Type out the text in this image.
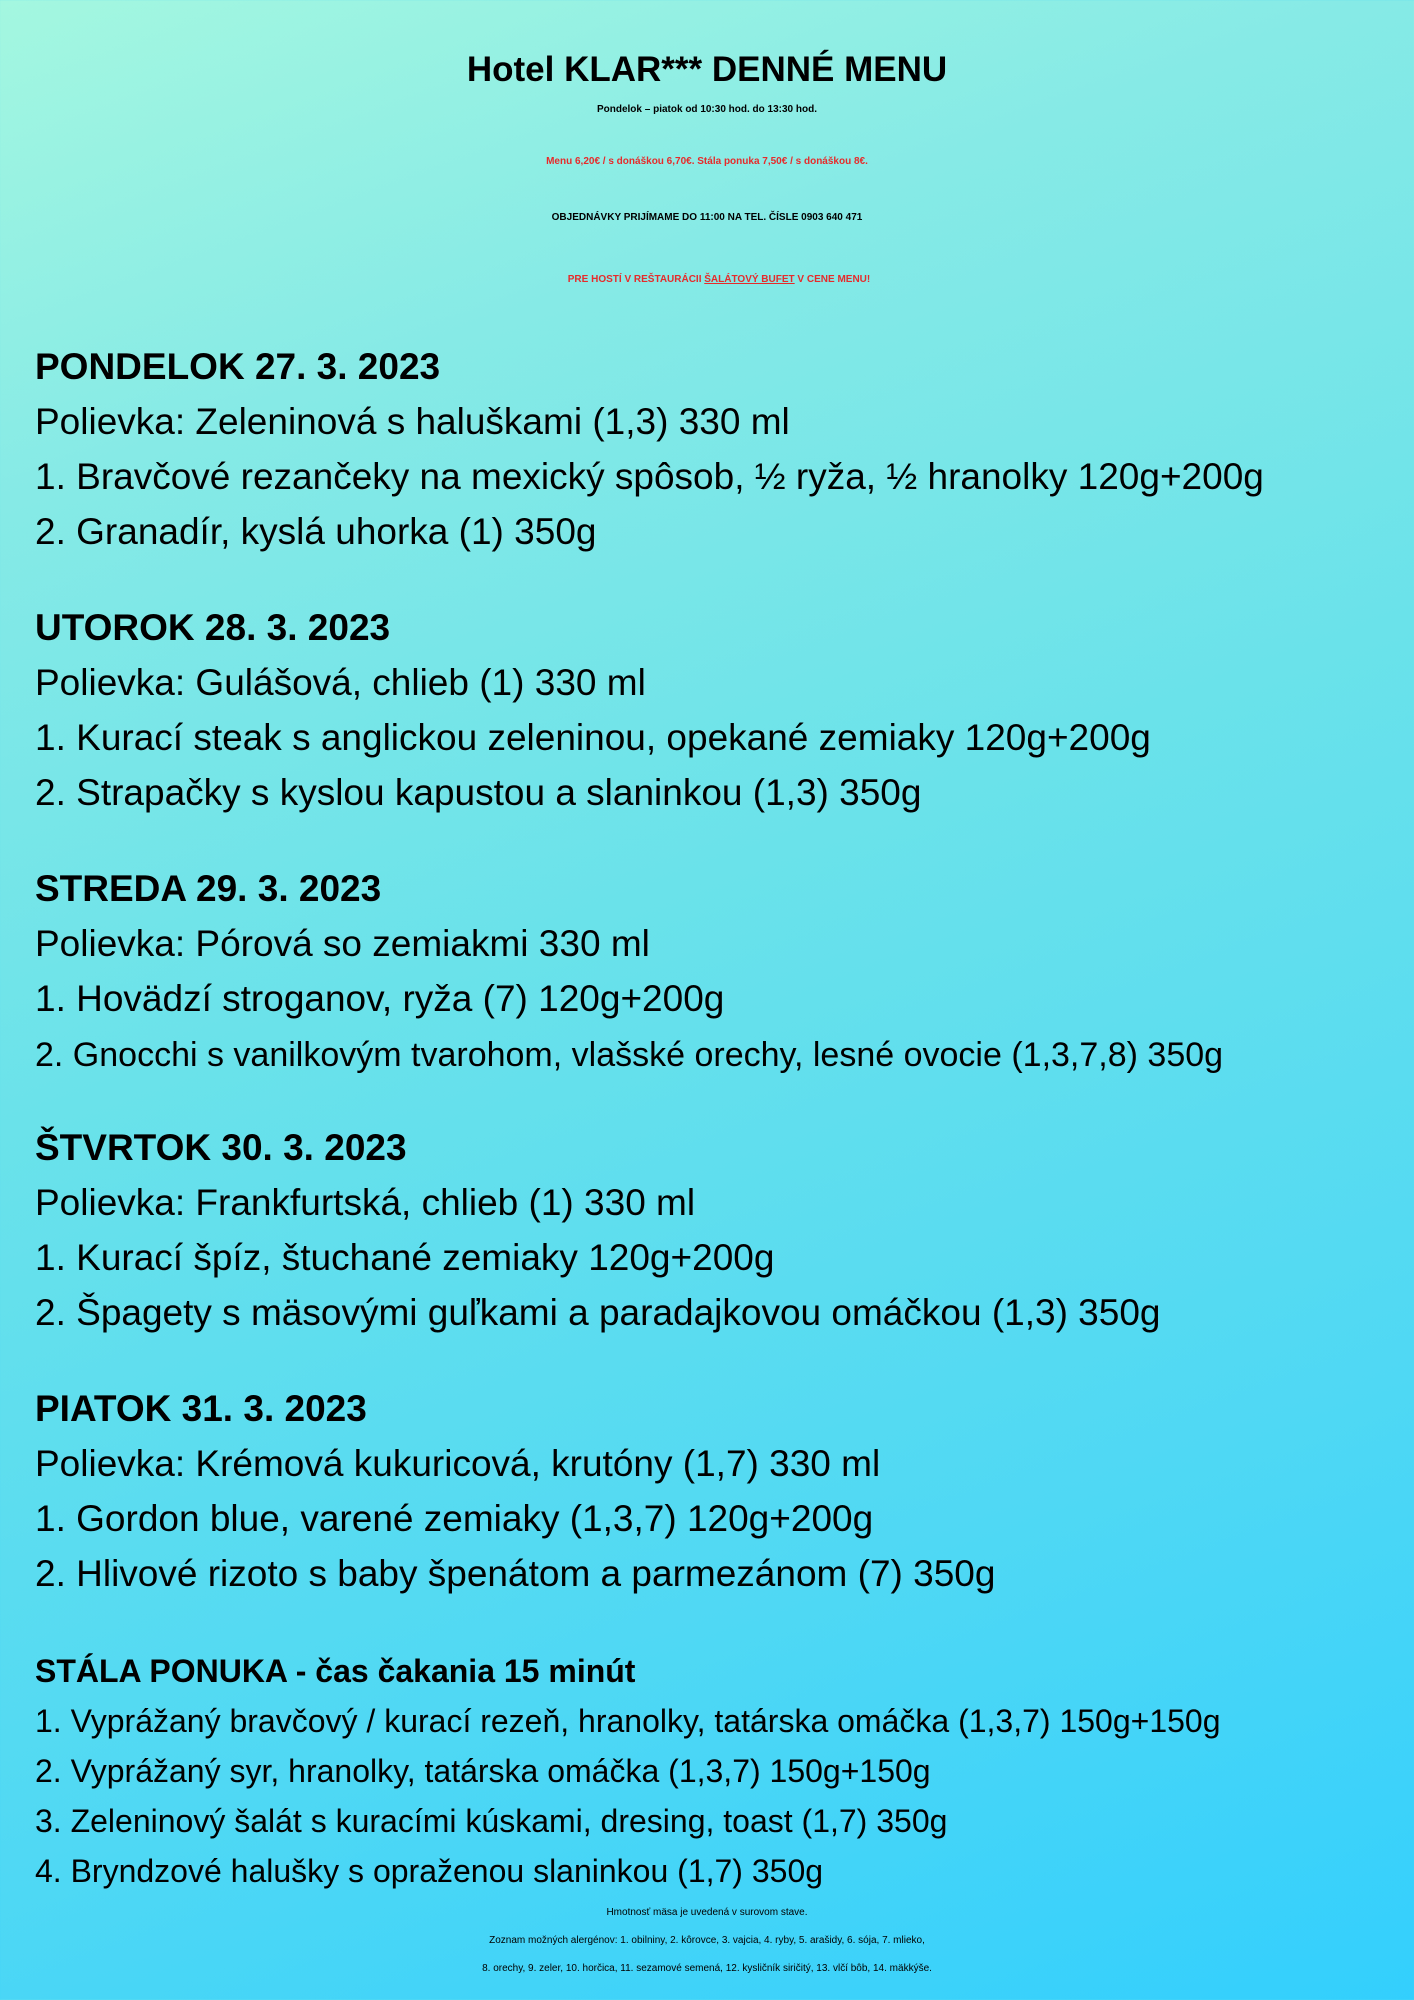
Hotel KLAR*** DENNÉ MENU
Pondelok – piatok od 10:30 hod. do 13:30 hod.
Menu 6,20€ / s donáškou 6,70€. Stála ponuka 7,50€ / s donáškou 8€.
OBJEDNÁVKY PRIJÍMAME DO 11:00 NA TEL. ČÍSLE 0903 640 471
PRE HOSTÍ V REŠTAURÁCII ŠALÁTOVÝ BUFET V CENE MENU!
PONDELOK 27. 3. 2023
Polievka: Zeleninová s haluškami (1,3) 330 ml
1. Bravčové rezančeky na mexický spôsob, ½ ryža, ½ hranolky 120g+200g
2. Granadír, kyslá uhorka (1) 350g
UTOROK 28. 3. 2023
Polievka: Gulášová, chlieb (1) 330 ml
1. Kurací steak s anglickou zeleninou, opekané zemiaky 120g+200g
2. Strapačky s kyslou kapustou a slaninkou (1,3) 350g
STREDA 29. 3. 2023
Polievka: Pórová so zemiakmi 330 ml
1. Hovädzí stroganov, ryža (7) 120g+200g
2. Gnocchi s vanilkovým tvarohom, vlašské orechy, lesné ovocie (1,3,7,8) 350g
ŠTVRTOK 30. 3. 2023
Polievka: Frankfurtská, chlieb (1) 330 ml
1. Kurací špíz, štuchané zemiaky 120g+200g
2. Špagety s mäsovými guľkami a paradajkovou omáčkou (1,3) 350g
PIATOK 31. 3. 2023
Polievka: Krémová kukuricová, krutóny (1,7) 330 ml
1. Gordon blue, varené zemiaky (1,3,7) 120g+200g
2. Hlivové rizoto s baby špenátom a parmezánom (7) 350g
STÁLA PONUKA - čas čakania 15 minút
1. Vyprážaný bravčový / kurací rezeň, hranolky, tatárska omáčka (1,3,7) 150g+150g
2. Vyprážaný syr, hranolky, tatárska omáčka (1,3,7) 150g+150g
3. Zeleninový šalát s kuracími kúskami, dresing, toast (1,7) 350g
4. Bryndzové halušky s opraženou slaninkou (1,7) 350g
Hmotnosť mäsa je uvedená v surovom stave.
Zoznam možných alergénov: 1. obilniny, 2. kôrovce, 3. vajcia, 4. ryby, 5. arašidy, 6. sója, 7. mlieko,
8. orechy, 9. zeler, 10. horčica, 11. sezamové semená, 12. kysličník siričitý, 13. vlčí bôb, 14. mäkkýše.
